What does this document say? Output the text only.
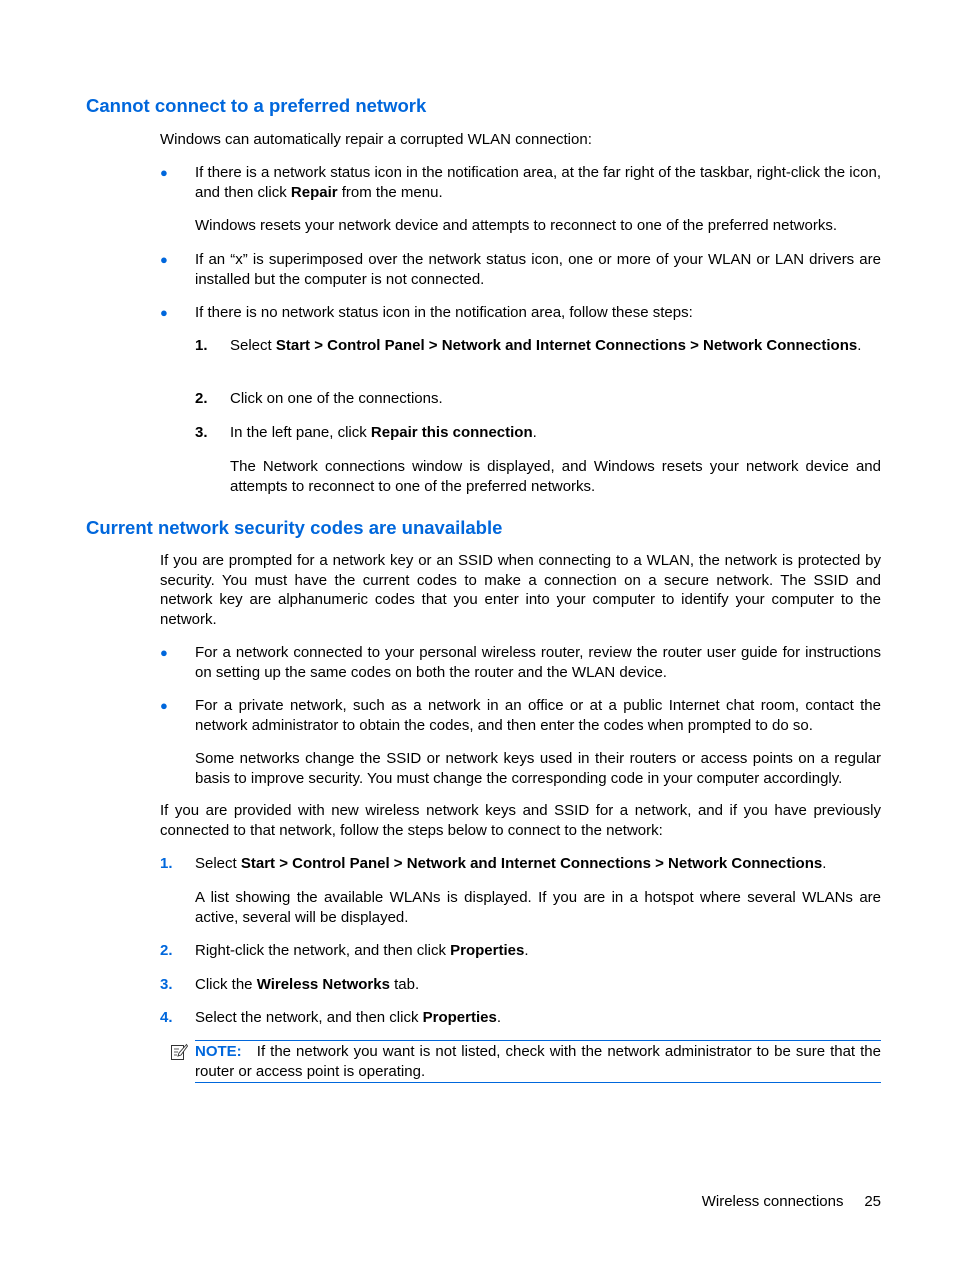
Cannot connect to a preferred network

Windows can automatically repair a corrupted WLAN connection:

● If there is a network status icon in the notification area, at the far right of the taskbar, right-click the icon, and then click Repair from the menu.

Windows resets your network device and attempts to reconnect to one of the preferred networks.

● If an “x” is superimposed over the network status icon, one or more of your WLAN or LAN drivers are installed but the computer is not connected.

● If there is no network status icon in the notification area, follow these steps:

1. Select Start > Control Panel > Network and Internet Connections > Network Connections.

2. Click on one of the connections.

3. In the left pane, click Repair this connection.

The Network connections window is displayed, and Windows resets your network device and attempts to reconnect to one of the preferred networks.

Current network security codes are unavailable

If you are prompted for a network key or an SSID when connecting to a WLAN, the network is protected by security. You must have the current codes to make a connection on a secure network. The SSID and network key are alphanumeric codes that you enter into your computer to identify your computer to the network.

● For a network connected to your personal wireless router, review the router user guide for instructions on setting up the same codes on both the router and the WLAN device.

● For a private network, such as a network in an office or at a public Internet chat room, contact the network administrator to obtain the codes, and then enter the codes when prompted to do so.

Some networks change the SSID or network keys used in their routers or access points on a regular basis to improve security. You must change the corresponding code in your computer accordingly.

If you are provided with new wireless network keys and SSID for a network, and if you have previously connected to that network, follow the steps below to connect to the network:

1. Select Start > Control Panel > Network and Internet Connections > Network Connections.

A list showing the available WLANs is displayed. If you are in a hotspot where several WLANs are active, several will be displayed.

2. Right-click the network, and then click Properties.

3. Click the Wireless Networks tab.

4. Select the network, and then click Properties.

NOTE: If the network you want is not listed, check with the network administrator to be sure that the router or access point is operating.

Wireless connections 25
